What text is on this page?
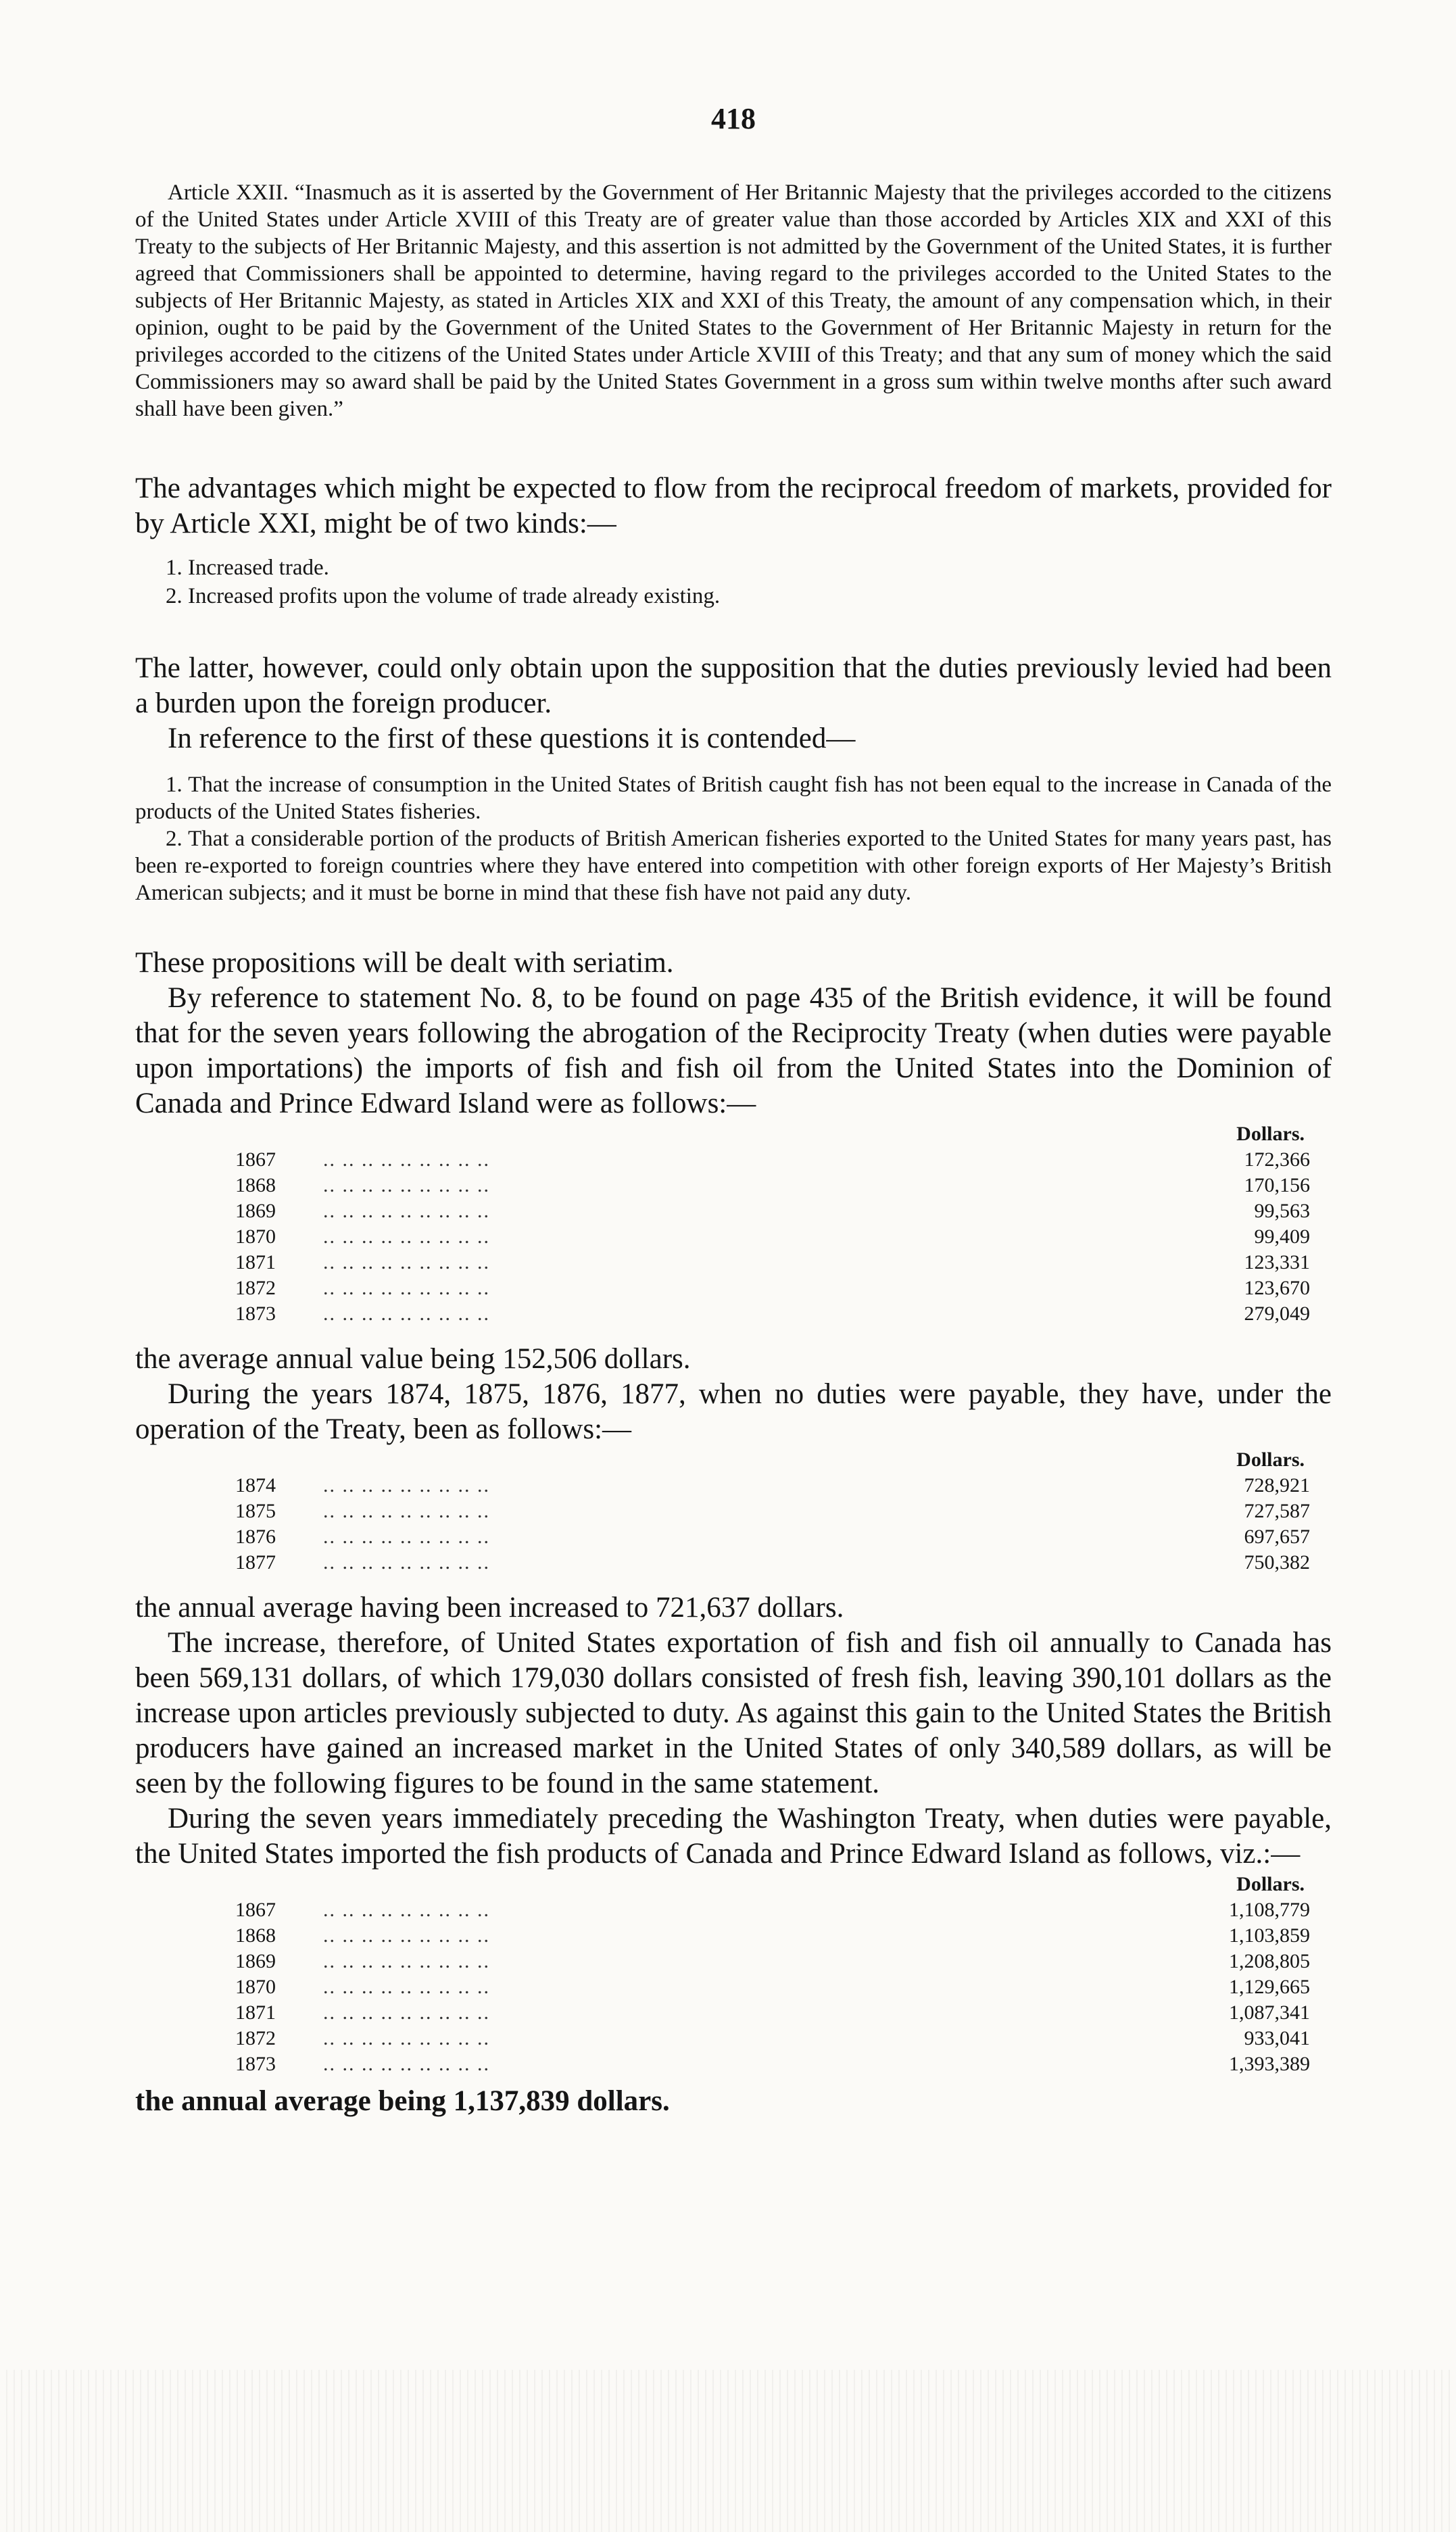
418

Article XXII. “Inasmuch as it is asserted by the Government of Her Britannic Majesty that the privileges accorded to the citizens of the United States under Article XVIII of this Treaty are of greater value than those accorded by Articles XIX and XXI of this Treaty to the subjects of Her Britannic Majesty, and this assertion is not admitted by the Government of the United States, it is further agreed that Commissioners shall be appointed to determine, having regard to the privileges accorded to the United States to the subjects of Her Britannic Majesty, as stated in Articles XIX and XXI of this Treaty, the amount of any compensation which, in their opinion, ought to be paid by the Government of the United States to the Government of Her Britannic Majesty in return for the privileges accorded to the citizens of the United States under Article XVIII of this Treaty; and that any sum of money which the said Commissioners may so award shall be paid by the United States Government in a gross sum within twelve months after such award shall have been given.”

The advantages which might be expected to flow from the reciprocal freedom of markets, provided for by Article XXI, might be of two kinds:—

1. Increased trade.
2. Increased profits upon the volume of trade already existing.

The latter, however, could only obtain upon the supposition that the duties previously levied had been a burden upon the foreign producer.

In reference to the first of these questions it is contended—

1. That the increase of consumption in the United States of British caught fish has not been equal to the increase in Canada of the products of the United States fisheries.

2. That a considerable portion of the products of British American fisheries exported to the United States for many years past, has been re-exported to foreign countries where they have entered into competition with other foreign exports of Her Majesty’s British American subjects; and it must be borne in mind that these fish have not paid any duty.

These propositions will be dealt with seriatim.

By reference to statement No. 8, to be found on page 435 of the British evidence, it will be found that for the seven years following the abrogation of the Reciprocity Treaty (when duties were payable upon importations) the imports of fish and fish oil from the United States into the Dominion of Canada and Prince Edward Island were as follows:—

Dollars.
1867	.. .. .. .. .. .. .. .. ..	172,366
1868	.. .. .. .. .. .. .. .. ..	170,156
1869	.. .. .. .. .. .. .. .. ..	99,563
1870	.. .. .. .. .. .. .. .. ..	99,409
1871	.. .. .. .. .. .. .. .. ..	123,331
1872	.. .. .. .. .. .. .. .. ..	123,670
1873	.. .. .. .. .. .. .. .. ..	279,049

the average annual value being 152,506 dollars.

During the years 1874, 1875, 1876, 1877, when no duties were payable, they have, under the operation of the Treaty, been as follows:—

Dollars.
1874	.. .. .. .. .. .. .. .. ..	728,921
1875	.. .. .. .. .. .. .. .. ..	727,587
1876	.. .. .. .. .. .. .. .. ..	697,657
1877	.. .. .. .. .. .. .. .. ..	750,382

the annual average having been increased to 721,637 dollars.

The increase, therefore, of United States exportation of fish and fish oil annually to Canada has been 569,131 dollars, of which 179,030 dollars consisted of fresh fish, leaving 390,101 dollars as the increase upon articles previously subjected to duty. As against this gain to the United States the British producers have gained an increased market in the United States of only 340,589 dollars, as will be seen by the following figures to be found in the same statement.

During the seven years immediately preceding the Washington Treaty, when duties were payable, the United States imported the fish products of Canada and Prince Edward Island as follows, viz.:—

Dollars.
1867	.. .. .. .. .. .. .. .. ..	1,108,779
1868	.. .. .. .. .. .. .. .. ..	1,103,859
1869	.. .. .. .. .. .. .. .. ..	1,208,805
1870	.. .. .. .. .. .. .. .. ..	1,129,665
1871	.. .. .. .. .. .. .. .. ..	1,087,341
1872	.. .. .. .. .. .. .. .. ..	933,041
1873	.. .. .. .. .. .. .. .. ..	1,393,389

the annual average being 1,137,839 dollars.
